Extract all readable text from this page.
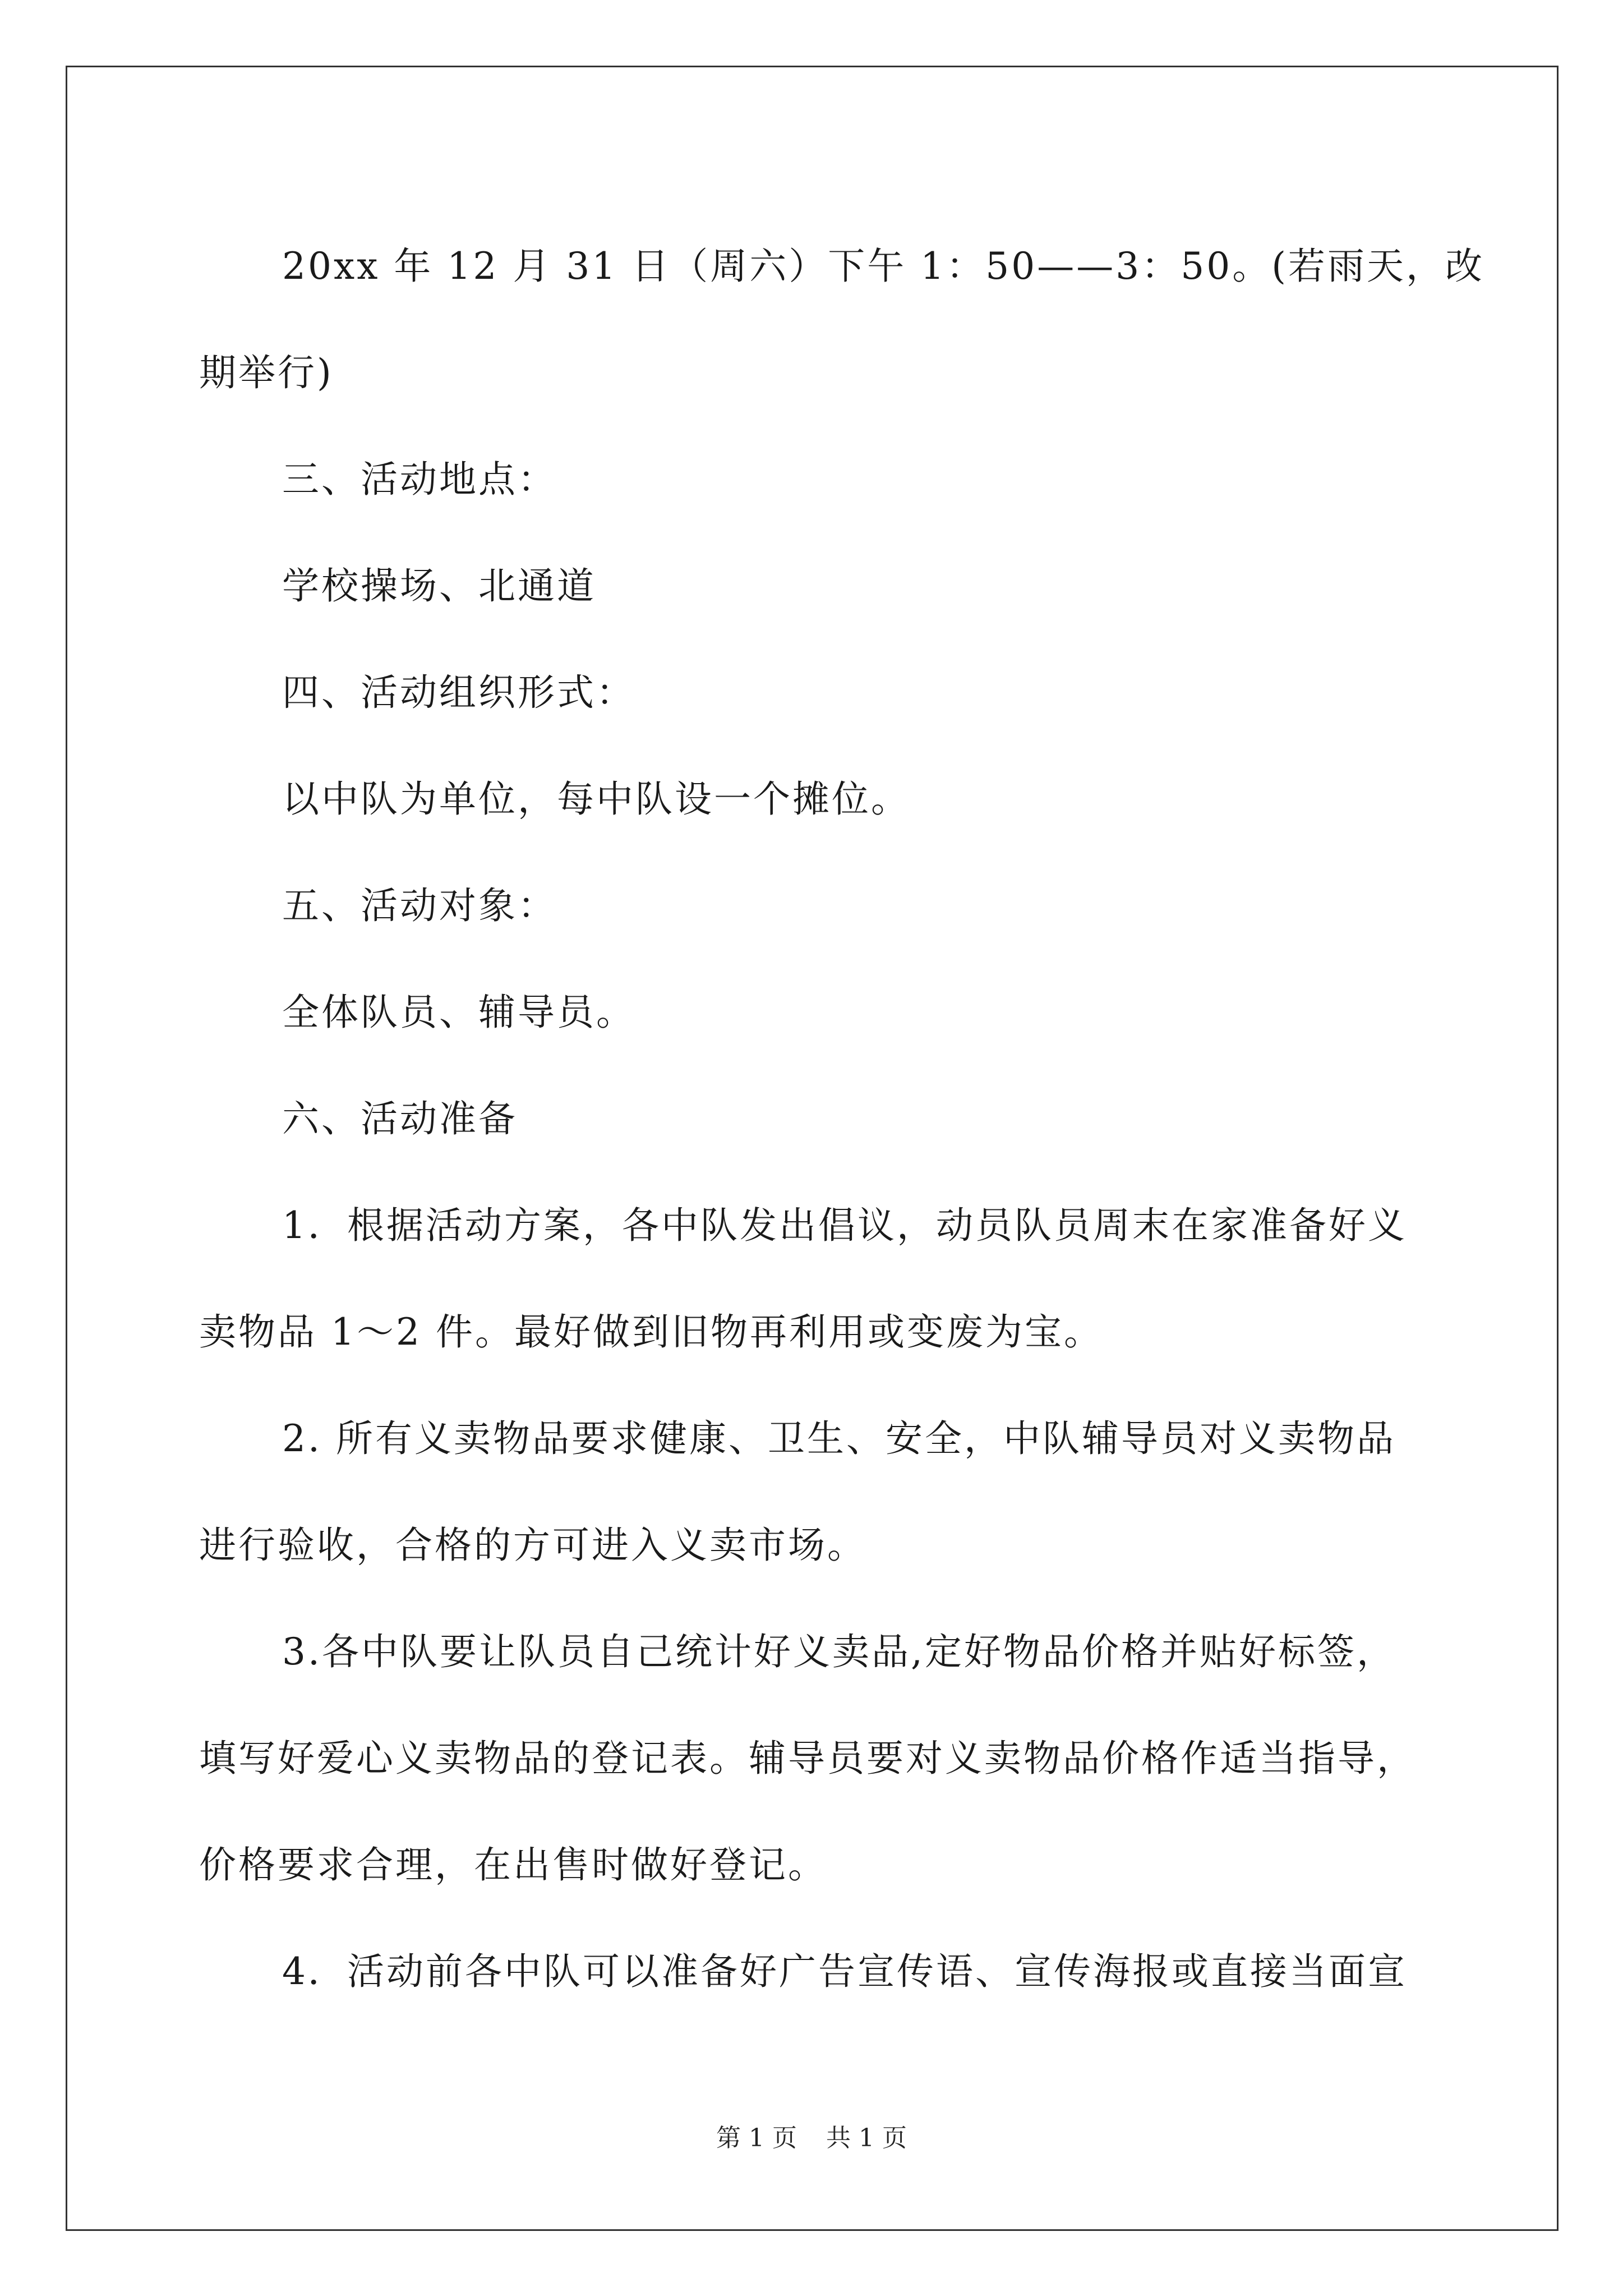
20xx 年 12 月 31 日（周六）下午 1：50——3：50。(若雨天，改

期举行)

三、活动地点：

学校操场、北通道

四、活动组织形式：

以中队为单位，每中队设一个摊位。

五、活动对象：

全体队员、辅导员。

六、活动准备

1．根据活动方案，各中队发出倡议，动员队员周末在家准备好义

卖物品 1～2 件。最好做到旧物再利用或变废为宝。

2. 所有义卖物品要求健康、卫生、安全，中队辅导员对义卖物品

进行验收，合格的方可进入义卖市场。

3.各中队要让队员自己统计好义卖品,定好物品价格并贴好标签，

填写好爱心义卖物品的登记表。辅导员要对义卖物品价格作适当指导，

价格要求合理，在出售时做好登记。

4．活动前各中队可以准备好广告宣传语、宣传海报或直接当面宣

第 1 页 共 1 页
